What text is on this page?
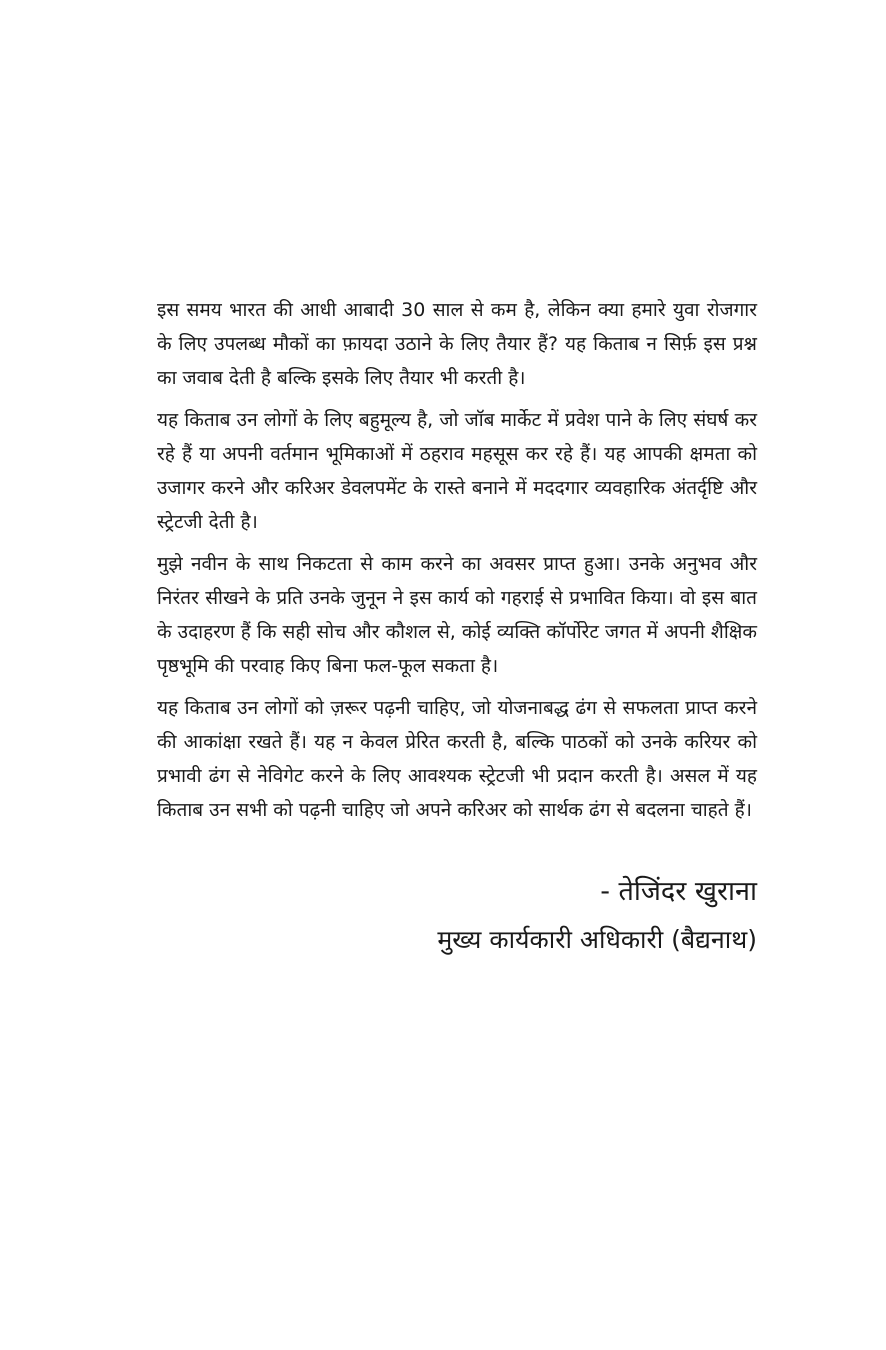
इस समय भारत की आधी आबादी 30 साल से कम है, लेकिन क्या हमारे युवा रोजगार के लिए उपलब्ध मौकों का फ़ायदा उठाने के लिए तैयार हैं? यह किताब न सिर्फ़ इस प्रश्न का जवाब देती है बल्कि इसके लिए तैयार भी करती है।

यह किताब उन लोगों के लिए बहुमूल्य है, जो जॉब मार्केट में प्रवेश पाने के लिए संघर्ष कर रहे हैं या अपनी वर्तमान भूमिकाओं में ठहराव महसूस कर रहे हैं। यह आपकी क्षमता को उजागर करने और करिअर डेवलपमेंट के रास्ते बनाने में मददगार व्यवहारिक अंतर्दृष्टि और स्ट्रेटजी देती है।

मुझे नवीन के साथ निकटता से काम करने का अवसर प्राप्त हुआ। उनके अनुभव और निरंतर सीखने के प्रति उनके जुनून ने इस कार्य को गहराई से प्रभावित किया। वो इस बात के उदाहरण हैं कि सही सोच और कौशल से, कोई व्यक्ति कॉर्पोरेट जगत में अपनी शैक्षिक पृष्ठभूमि की परवाह किए बिना फल-फूल सकता है।

यह किताब उन लोगों को ज़रूर पढ़नी चाहिए, जो योजनाबद्ध ढंग से सफलता प्राप्त करने की आकांक्षा रखते हैं। यह न केवल प्रेरित करती है, बल्कि पाठकों को उनके करियर को प्रभावी ढंग से नेविगेट करने के लिए आवश्यक स्ट्रेटजी भी प्रदान करती है। असल में यह किताब उन सभी को पढ़नी चाहिए जो अपने करिअर को सार्थक ढंग से बदलना चाहते हैं।

- तेजिंदर खुराना
मुख्य कार्यकारी अधिकारी (बैद्यनाथ)
